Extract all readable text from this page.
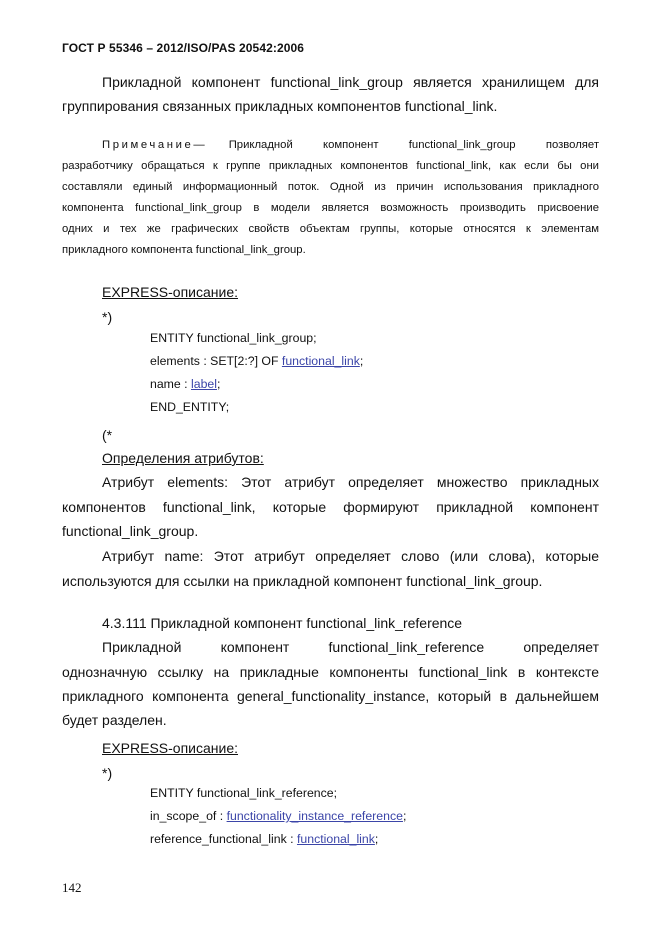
ГОСТ Р 55346 – 2012/ISO/PAS 20542:2006
Прикладной компонент functional_link_group является хранилищем для
группирования связанных прикладных компонентов functional_link.
Примечание — Прикладной компонент functional_link_group позволяет
разработчику обращаться к группе прикладных компонентов functional_link, как если бы они
составляли единый информационный поток. Одной из причин использования прикладного
компонента functional_link_group в модели является возможность производить присвоение
одних и тех же графических свойств объектам группы, которые относятся к элементам
прикладного компонента functional_link_group.
EXPRESS-описание:
*)
ENTITY functional_link_group;
elements : SET[2:?] OF functional_link;
name : label;
END_ENTITY;
(*
Определения атрибутов:
Атрибут elements: Этот атрибут определяет множество прикладных
компонентов functional_link, которые формируют прикладной компонент
functional_link_group.
Атрибут name: Этот атрибут определяет слово (или слова), которые
используются для ссылки на прикладной компонент functional_link_group.
4.3.111 Прикладной компонент functional_link_reference
Прикладной компонент functional_link_reference определяет
однозначную ссылку на прикладные компоненты functional_link в контексте
прикладного компонента general_functionality_instance, который в дальнейшем
будет разделен.
EXPRESS-описание:
*)
ENTITY functional_link_reference;
in_scope_of : functionality_instance_reference;
reference_functional_link : functional_link;
142
